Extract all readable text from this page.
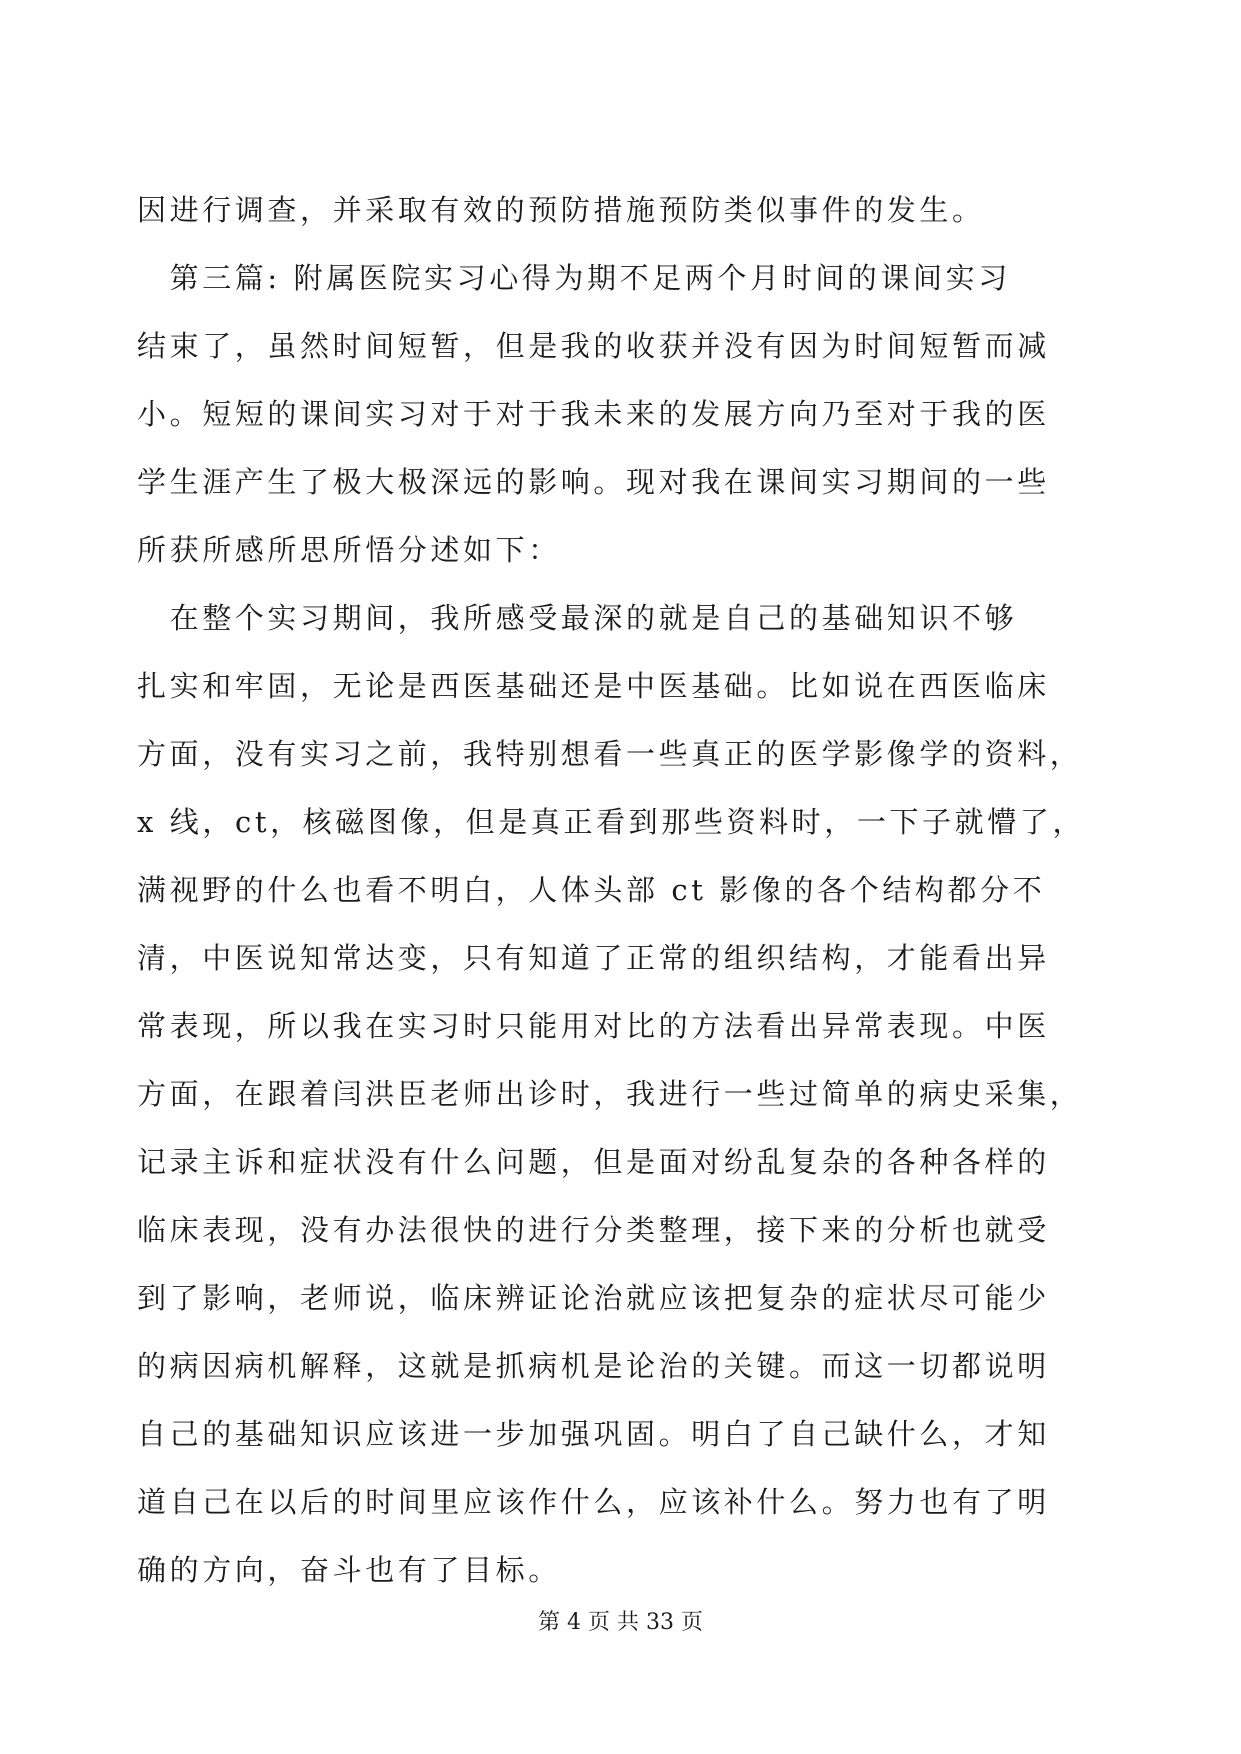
因进行调查，并采取有效的预防措施预防类似事件的发生。
　第三篇: 附属医院实习心得为期不足两个月时间的课间实习
结束了，虽然时间短暂，但是我的收获并没有因为时间短暂而减
小。短短的课间实习对于对于我未来的发展方向乃至对于我的医
学生涯产生了极大极深远的影响。现对我在课间实习期间的一些
所获所感所思所悟分述如下：
　在整个实习期间，我所感受最深的就是自己的基础知识不够
扎实和牢固，无论是西医基础还是中医基础。比如说在西医临床
方面，没有实习之前，我特别想看一些真正的医学影像学的资料，
x 线，ct，核磁图像，但是真正看到那些资料时，一下子就懵了，
满视野的什么也看不明白，人体头部 ct 影像的各个结构都分不
清，中医说知常达变，只有知道了正常的组织结构，才能看出异
常表现，所以我在实习时只能用对比的方法看出异常表现。中医
方面，在跟着闫洪臣老师出诊时，我进行一些过简单的病史采集，
记录主诉和症状没有什么问题，但是面对纷乱复杂的各种各样的
临床表现，没有办法很快的进行分类整理，接下来的分析也就受
到了影响，老师说，临床辨证论治就应该把复杂的症状尽可能少
的病因病机解释，这就是抓病机是论治的关键。而这一切都说明
自己的基础知识应该进一步加强巩固。明白了自己缺什么，才知
道自己在以后的时间里应该作什么，应该补什么。努力也有了明
确的方向，奋斗也有了目标。
第 4 页 共 33 页
